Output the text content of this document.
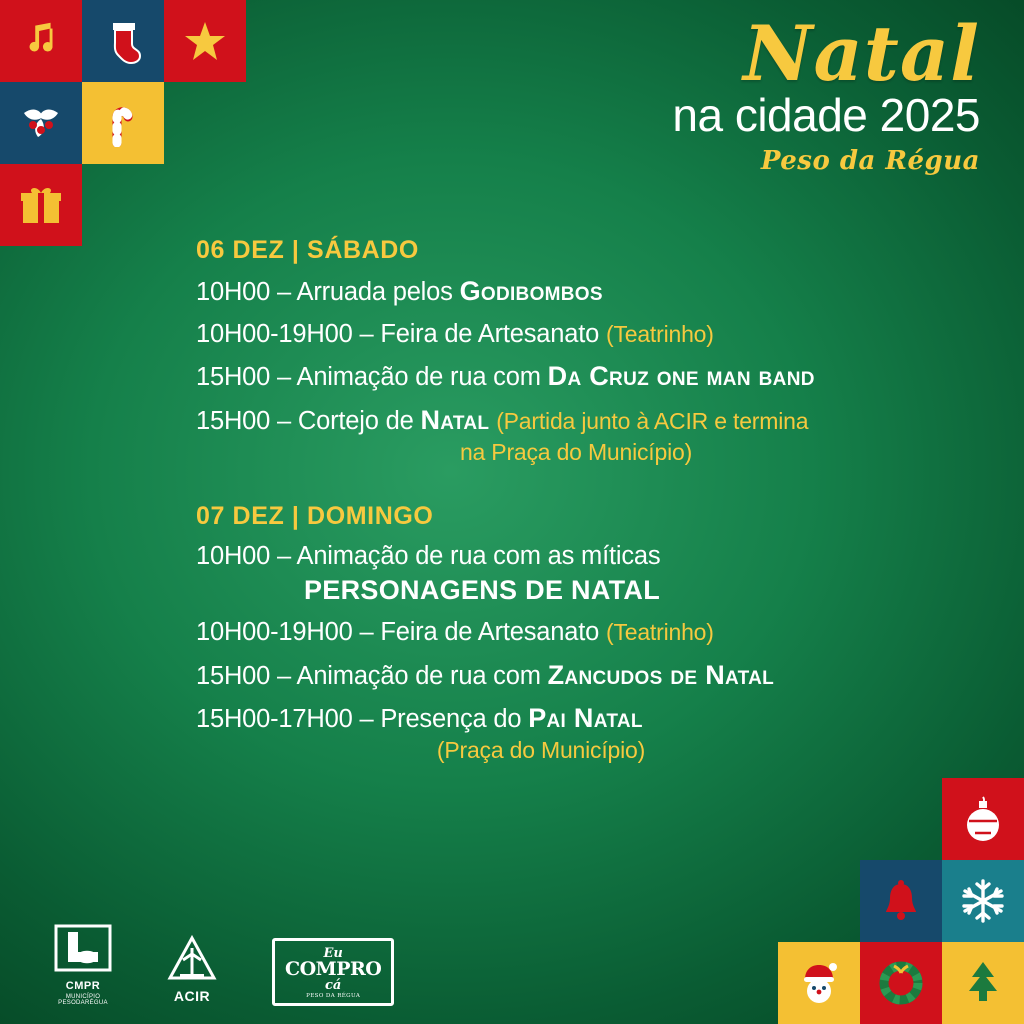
Natal
na cidade 2025
Peso da Régua
06 DEZ | SÁBADO
10H00 – Arruada pelos Godibombos
10H00-19H00 – Feira de Artesanato (Teatrinho)
15H00 – Animação de rua com Da Cruz one man band
15H00 – Cortejo de Natal (Partida junto à ACIR e termina
na Praça do Município)
07 DEZ | DOMINGO
10H00 – Animação de rua com as míticas
PERSONAGENS DE NATAL
10H00-19H00 – Feira de Artesanato (Teatrinho)
15H00 – Animação de rua com Zancudos de Natal
15H00-17H00 – Presença do Pai Natal
(Praça do Município)
CMPR
MUNICÍPIO
PESODARÉGUA	ACIR
Eu
COMPRO
cá
PESO DA RÉGUA
